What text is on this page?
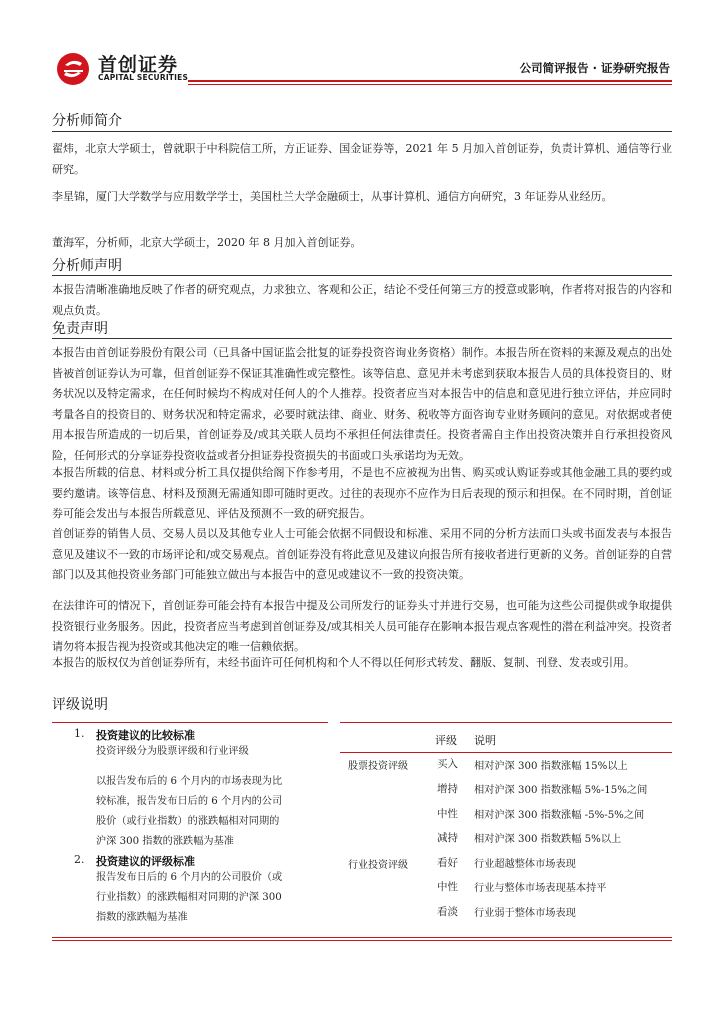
首创证券
CAPITAL SECURITIES
公司简评报告 · 证券研究报告
分析师简介

翟炜，北京大学硕士，曾就职于中科院信工所，方正证券、国金证券等，2021 年 5 月加入首创证券，负责计算机、通信等行业研究。

李星锦，厦门大学数学与应用数学学士，美国杜兰大学金融硕士，从事计算机、通信方向研究，3 年证券从业经历。

董海军，分析师，北京大学硕士，2020 年 8 月加入首创证券。

分析师声明

本报告清晰准确地反映了作者的研究观点，力求独立、客观和公正，结论不受任何第三方的授意或影响，作者将对报告的内容和观点负责。

免责声明

本报告由首创证券股份有限公司（已具备中国证监会批复的证券投资咨询业务资格）制作。本报告所在资料的来源及观点的出处皆被首创证券认为可靠，但首创证券不保证其准确性或完整性。该等信息、意见并未考虑到获取本报告人员的具体投资目的、财务状况以及特定需求，在任何时候均不构成对任何人的个人推荐。投资者应当对本报告中的信息和意见进行独立评估，并应同时考量各自的投资目的、财务状况和特定需求，必要时就法律、商业、财务、税收等方面咨询专业财务顾问的意见。对依据或者使用本报告所造成的一切后果，首创证券及/或其关联人员均不承担任何法律责任。投资者需自主作出投资决策并自行承担投资风险，任何形式的分享证券投资收益或者分担证券投资损失的书面或口头承诺均为无效。

本报告所载的信息、材料或分析工具仅提供给阁下作参考用，不是也不应被视为出售、购买或认购证券或其他金融工具的要约或要约邀请。该等信息、材料及预测无需通知即可随时更改。过往的表现亦不应作为日后表现的预示和担保。在不同时期，首创证券可能会发出与本报告所载意见、评估及预测不一致的研究报告。

首创证券的销售人员、交易人员以及其他专业人士可能会依据不同假设和标准、采用不同的分析方法而口头或书面发表与本报告意见及建议不一致的市场评论和/或交易观点。首创证券没有将此意见及建议向报告所有接收者进行更新的义务。首创证券的自营部门以及其他投资业务部门可能独立做出与本报告中的意见或建议不一致的投资决策。

在法律许可的情况下，首创证券可能会持有本报告中提及公司所发行的证券头寸并进行交易，也可能为这些公司提供或争取提供投资银行业务服务。因此，投资者应当考虑到首创证券及/或其相关人员可能存在影响本报告观点客观性的潜在利益冲突。投资者请勿将本报告视为投资或其他决定的唯一信赖依据。

本报告的版权仅为首创证券所有，未经书面许可任何机构和个人不得以任何形式转发、翻版、复制、刊登、发表或引用。

评级说明
1. 投资建议的比较标准
投资评级分为股票评级和行业评级
以报告发布后的 6 个月内的市场表现为比
较标准，报告发布日后的 6 个月内的公司
股价（或行业指数）的涨跌幅相对同期的
沪深 300 指数的涨跌幅为基准
2. 投资建议的评级标准
报告发布日后的 6 个月内的公司股价（或
行业指数）的涨跌幅相对同期的沪深 300
指数的涨跌幅为基准
评级 说明
股票投资评级	买入 相对沪深 300 指数涨幅 15%以上
增持 相对沪深 300 指数涨幅 5%-15%之间
中性 相对沪深 300 指数涨幅 -5%-5%之间
减持 相对沪深 300 指数跌幅 5%以上
行业投资评级	看好 行业超越整体市场表现
中性 行业与整体市场表现基本持平
看淡 行业弱于整体市场表现
